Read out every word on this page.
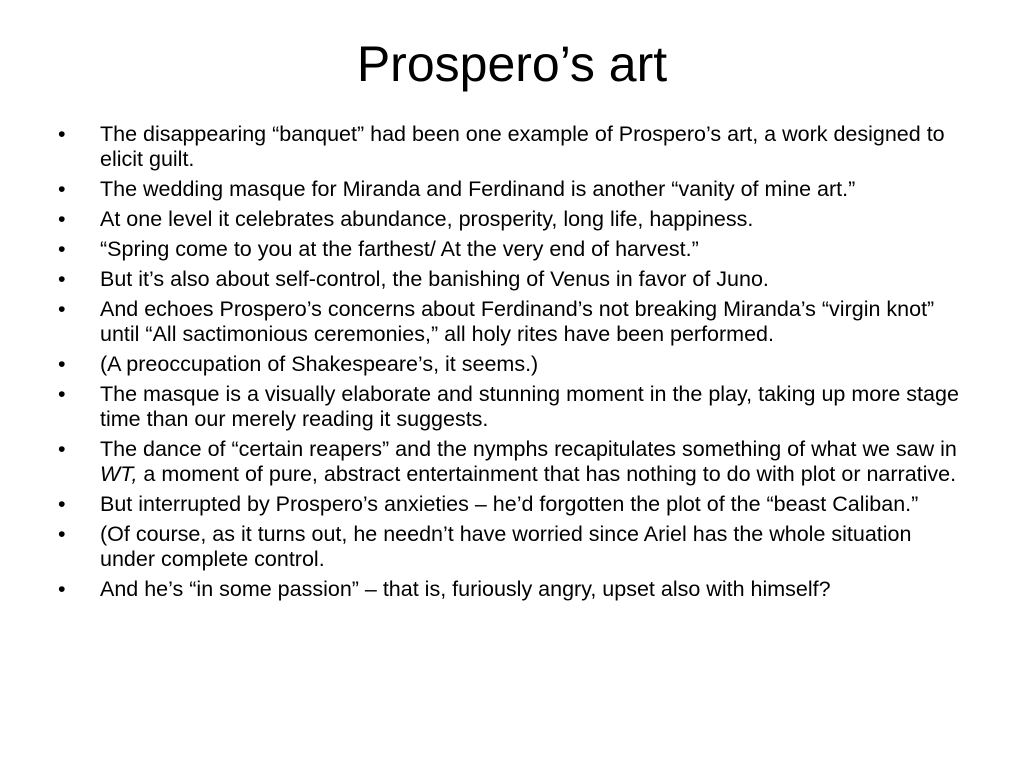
Prospero’s art
•	The disappearing “banquet” had been one example of Prospero’s art, a work designed to elicit guilt.
•	The wedding masque for Miranda and Ferdinand is another “vanity of mine art.”
•	At one level it celebrates abundance, prosperity, long life, happiness.
•	“Spring come to you at the farthest/ At the very end of harvest.”
•	But it’s also about self-control, the banishing of Venus in favor of Juno.
•	And echoes Prospero’s concerns about Ferdinand’s not breaking Miranda’s “virgin knot” until “All sactimonious ceremonies,” all holy rites have been performed.
•	(A preoccupation of Shakespeare’s, it seems.)
•	The masque is a visually elaborate and stunning moment in the play, taking up more stage time than our merely reading it suggests.
•	The dance of “certain reapers” and the nymphs recapitulates something of what we saw in WT, a moment of pure, abstract entertainment that has nothing to do with plot or narrative.
•	But interrupted by Prospero’s anxieties – he’d forgotten the plot of the “beast Caliban.”
•	(Of course, as it turns out, he needn’t have worried since Ariel has the whole situation under complete control.
•	And he’s “in some passion” – that is, furiously angry, upset also with himself?
